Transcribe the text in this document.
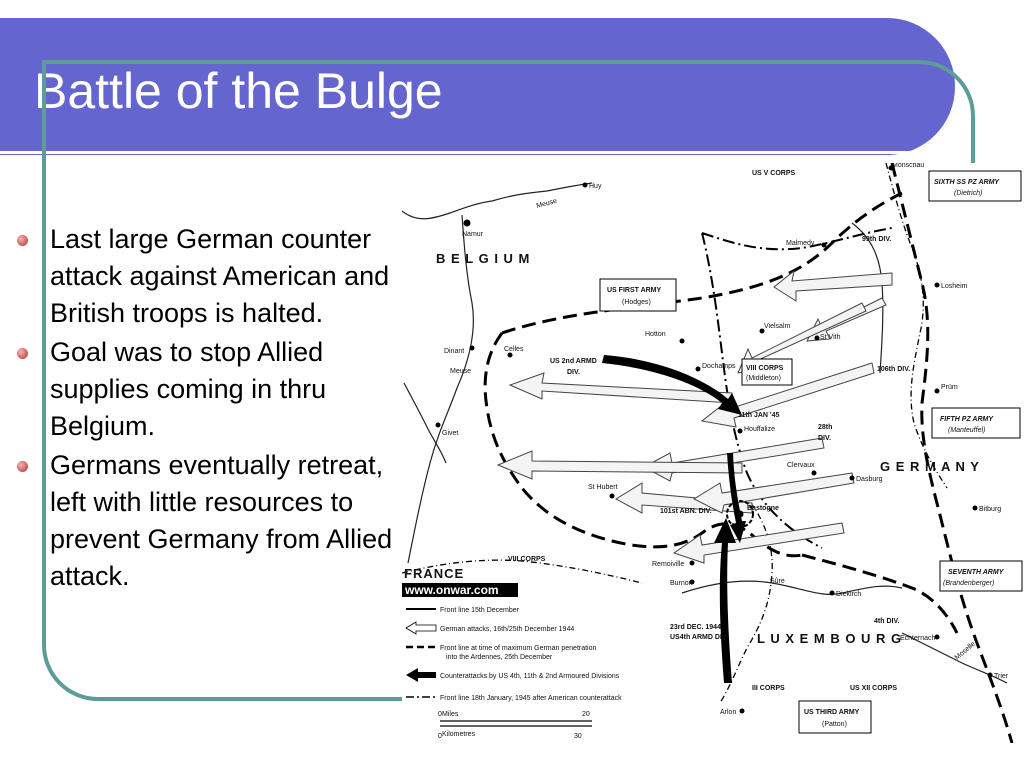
Battle of the Bulge
Last large German counter attack against American and British troops is halted.
Goal was to stop Allied supplies coming in thru Belgium.
Germans eventually retreat, left with little resources to prevent Germany from Allied attack.
B E L G I U M
G E R M A N Y
L U X E M B O U R G
FRANCE
Meuse
Meuse
Sûre
Moselle
Huy
Namur
Malmedy
Monschau
Losheim
Dinant	Celles
Hotton
Vielsalm
St Vith
Dochamps
Prüm
Givet
Houffalize
St Hubert
Clervaux
Dasburg
Bastogne	Bitburg
Remoiville
Burnon
Diekirch
Echternach
Trier
Arlon
US V CORPS
99th DIV.
US FIRST ARMY
(Hodges)
US 2nd ARMD
DIV.
VIII CORPS
(Middleton)
106th DIV.
11th JAN '45
28th
DIV.
101st ABN. DIV.
VIII CORPS
4th DIV.
23rd DEC. 1944
US4th ARMD DIV
III CORPS	US XII CORPS
US THIRD ARMY
(Patton)
SIXTH SS PZ ARMY
(Dietrich)
FIFTH PZ ARMY
(Manteuffel)
SEVENTH ARMY
(Brandenberger)
www.onwar.com
Front line 15th December
German attacks, 16th/25th December 1944
Front line at time of maximum German penetration
into the Ardennes, 25th December
Counterattacks by US 4th, 11th & 2nd Armoured Divisions
Front line 18th January, 1945 after American counterattack
Miles
Kilometres
0	20
0	30
